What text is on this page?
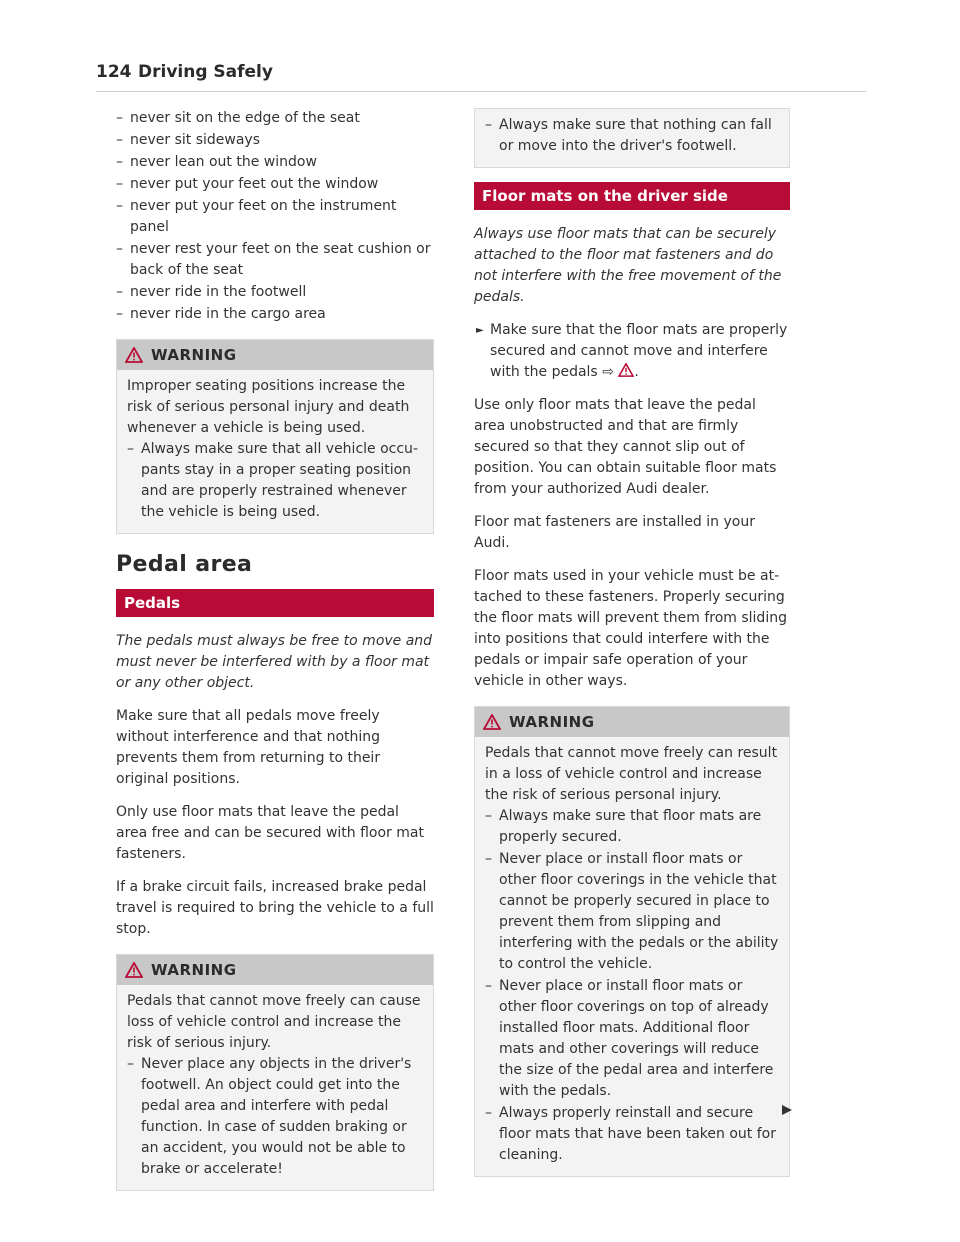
124 Driving Safely
– never sit on the edge of the seat
– never sit sideways
– never lean out the window
– never put your feet out the window
– never put your feet on the instrument panel
– never rest your feet on the seat cushion or back of the seat
– never ride in the footwell
– never ride in the cargo area
WARNING
Improper seating positions increase the risk of serious personal injury and death whenever a vehicle is being used.
– Always make sure that all vehicle occupants stay in a proper seating position and are properly restrained whenever the vehicle is being used.
Pedal area
Pedals

The pedals must always be free to move and must never be interfered with by a floor mat or any other object.

Make sure that all pedals move freely without interference and that nothing prevents them from returning to their original positions.

Only use floor mats that leave the pedal area free and can be secured with floor mat fasteners.

If a brake circuit fails, increased brake pedal travel is required to bring the vehicle to a full stop.

WARNING
Pedals that cannot move freely can cause loss of vehicle control and increase the risk of serious injury.
– Never place any objects in the driver's footwell. An object could get into the pedal area and interfere with pedal function. In case of sudden braking or an accident, you would not be able to brake or accelerate!
– Always make sure that nothing can fall or move into the driver's footwell.
Floor mats on the driver side

Always use floor mats that can be securely attached to the floor mat fasteners and do not interfere with the free movement of the pedals.

► Make sure that the floor mats are properly secured and cannot move and interfere with the pedals ⇨ .

Use only floor mats that leave the pedal area unobstructed and that are firmly secured so that they cannot slip out of position. You can obtain suitable floor mats from your authorized Audi dealer.

Floor mat fasteners are installed in your Audi.

Floor mats used in your vehicle must be attached to these fasteners. Properly securing the floor mats will prevent them from sliding into positions that could interfere with the pedals or impair safe operation of your vehicle in other ways.

WARNING
Pedals that cannot move freely can result in a loss of vehicle control and increase the risk of serious personal injury.
– Always make sure that floor mats are properly secured.
– Never place or install floor mats or other floor coverings in the vehicle that cannot be properly secured in place to prevent them from slipping and interfering with the pedals or the ability to control the vehicle.
– Never place or install floor mats or other floor coverings on top of already installed floor mats. Additional floor mats and other coverings will reduce the size of the pedal area and interfere with the pedals.
– Always properly reinstall and secure floor mats that have been taken out for cleaning.
